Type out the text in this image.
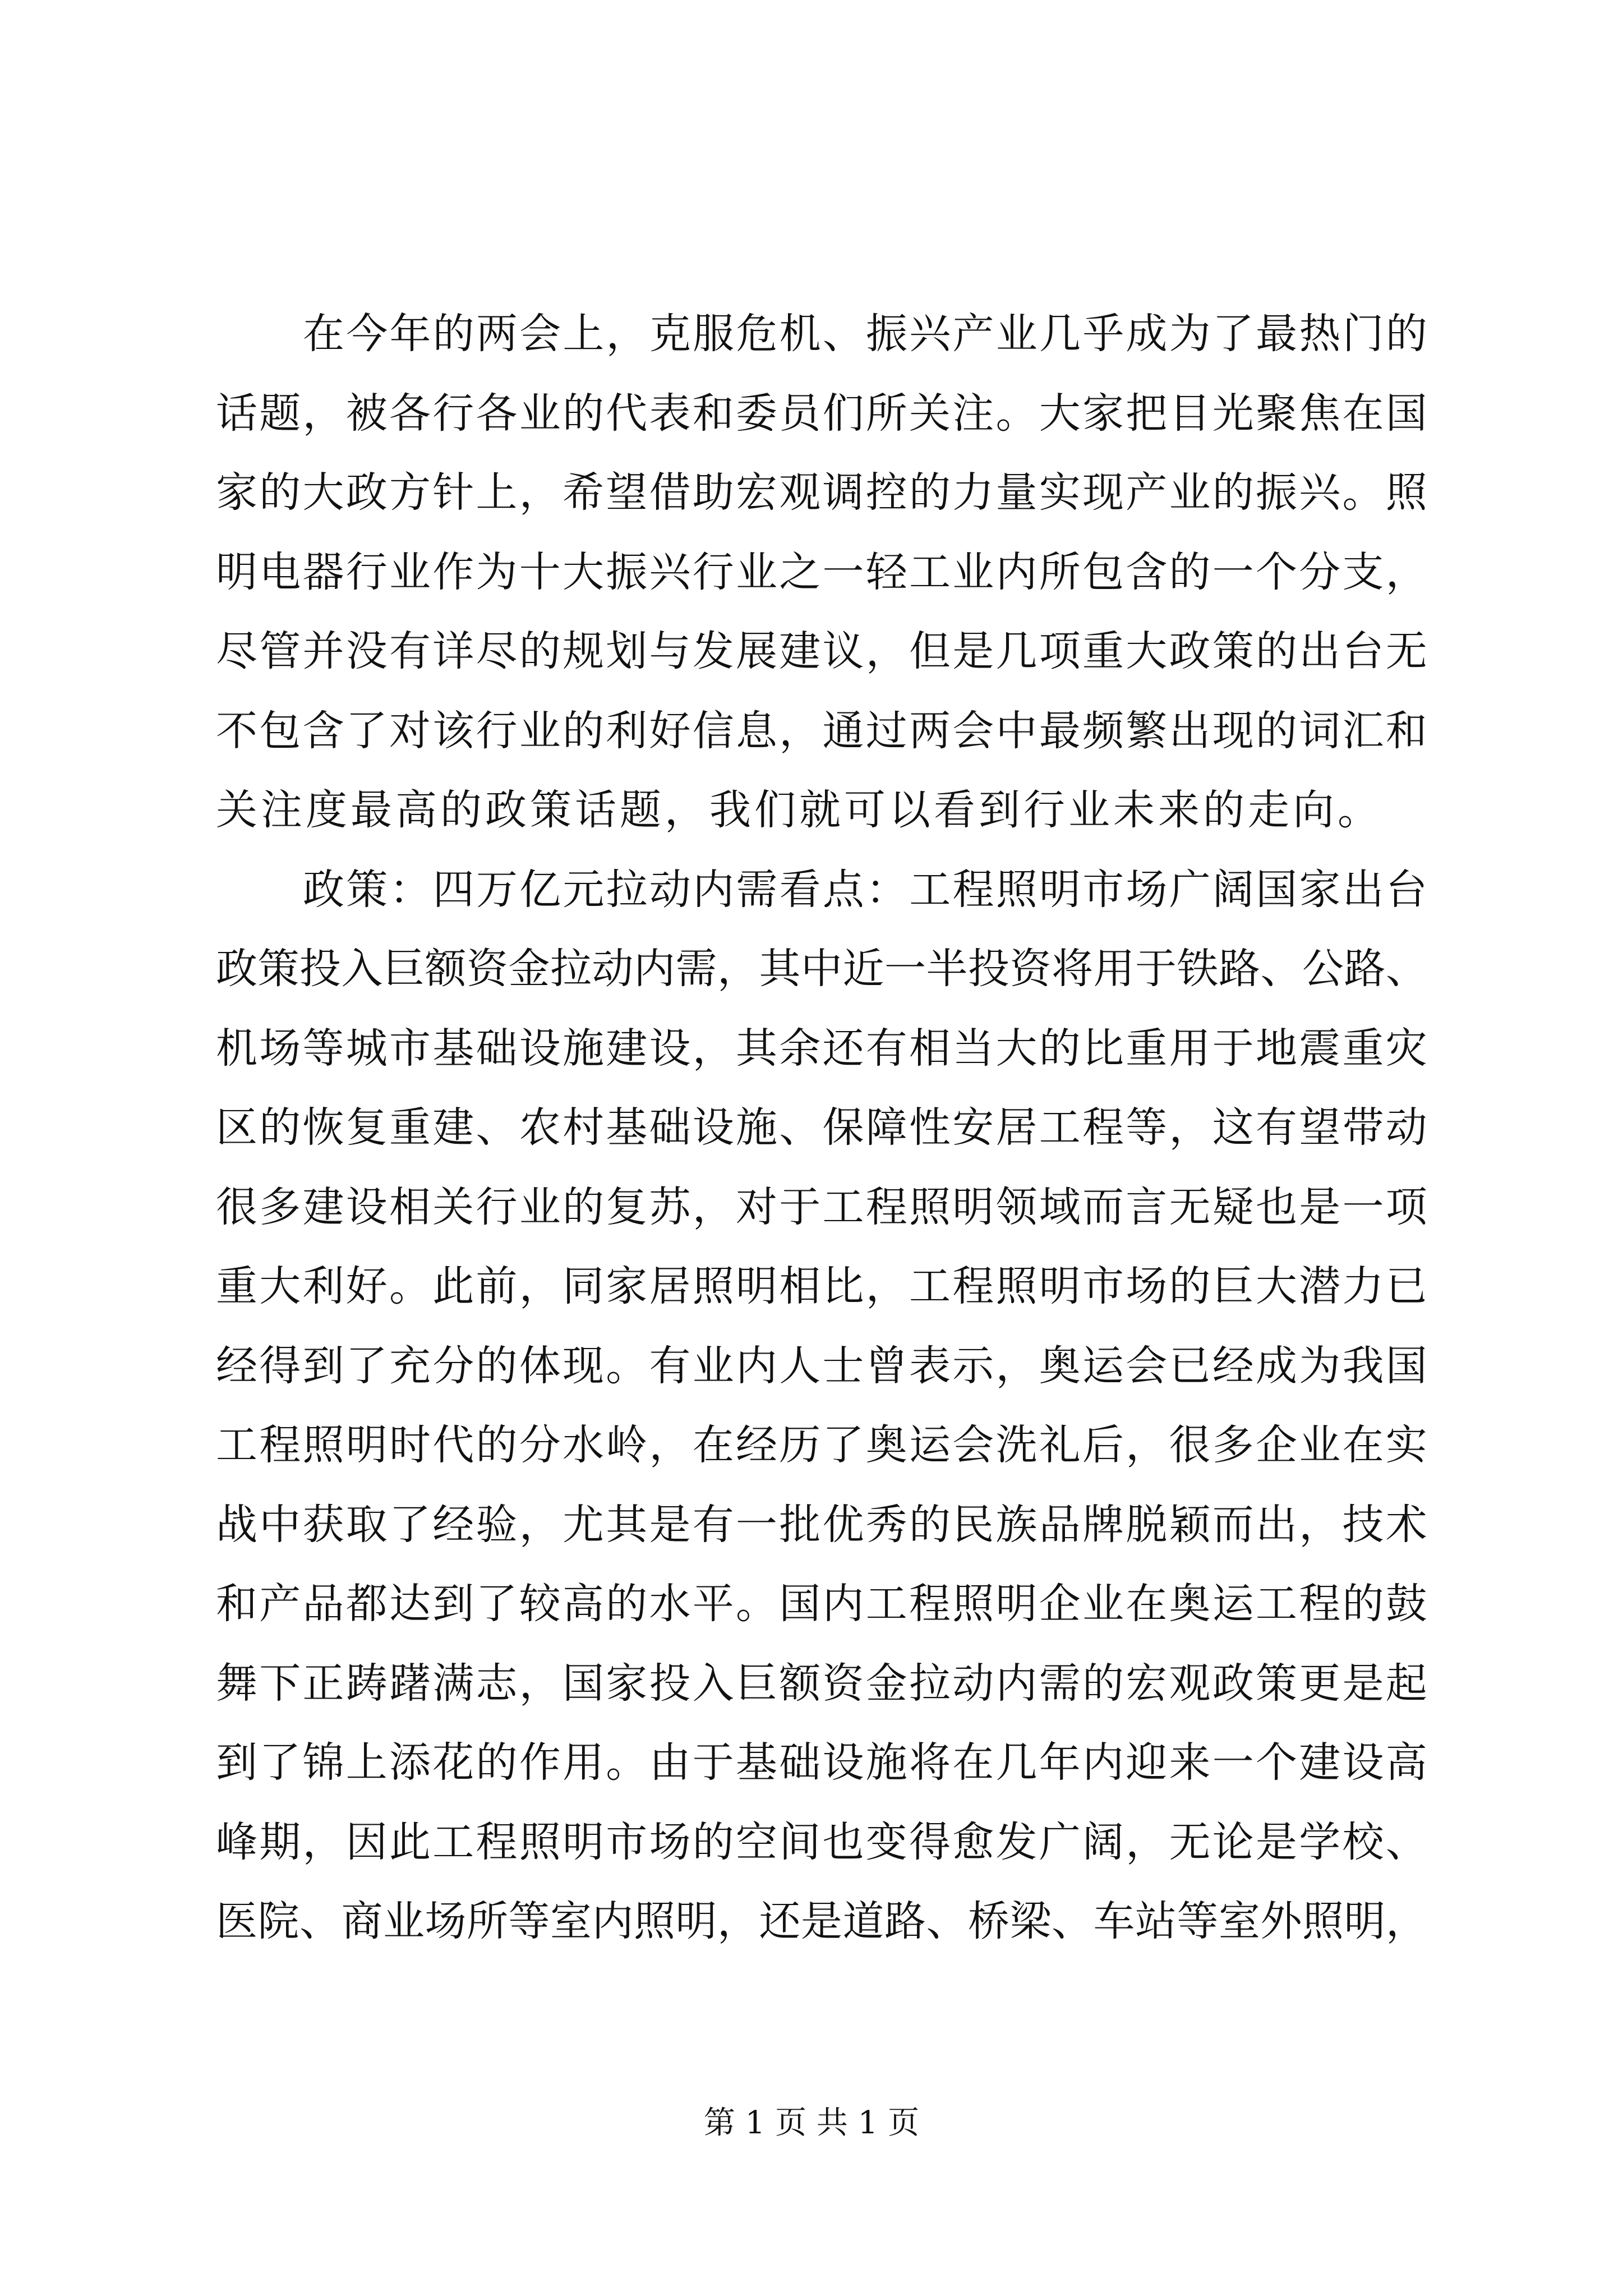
在 今 年 的 两 会 上 ， 克 服 危 机 、 振 兴 产 业 几 乎 成 为 了 最 热 门 的
话 题 ， 被 各 行 各 业 的 代 表 和 委 员 们 所 关 注 。 大 家 把 目 光 聚 焦 在 国
家 的 大 政 方 针 上 ， 希 望 借 助 宏 观 调 控 的 力 量 实 现 产 业 的 振 兴 。 照
明 电 器 行 业 作 为 十 大 振 兴 行 业 之 一 轻 工 业 内 所 包 含 的 一 个 分 支 ，
尽 管 并 没 有 详 尽 的 规 划 与 发 展 建 议 ， 但 是 几 项 重 大 政 策 的 出 台 无
不 包 含 了 对 该 行 业 的 利 好 信 息 ， 通 过 两 会 中 最 频 繁 出 现 的 词 汇 和
关注度最高的政策话题，我们就可以看到行业未来的走向。
政 策 ： 四 万 亿 元 拉 动 内 需 看 点 ： 工 程 照 明 市 场 广 阔 国 家 出 台
政 策 投 入 巨 额 资 金 拉 动 内 需 ， 其 中 近 一 半 投 资 将 用 于 铁 路 、 公 路 、
机 场 等 城 市 基 础 设 施 建 设 ， 其 余 还 有 相 当 大 的 比 重 用 于 地 震 重 灾
区 的 恢 复 重 建 、 农 村 基 础 设 施 、 保 障 性 安 居 工 程 等 ， 这 有 望 带 动
很 多 建 设 相 关 行 业 的 复 苏 ， 对 于 工 程 照 明 领 域 而 言 无 疑 也 是 一 项
重 大 利 好 。 此 前 ， 同 家 居 照 明 相 比 ， 工 程 照 明 市 场 的 巨 大 潜 力 已
经 得 到 了 充 分 的 体 现 。 有 业 内 人 士 曾 表 示 ， 奥 运 会 已 经 成 为 我 国
工 程 照 明 时 代 的 分 水 岭 ， 在 经 历 了 奥 运 会 洗 礼 后 ， 很 多 企 业 在 实
战 中 获 取 了 经 验 ， 尤 其 是 有 一 批 优 秀 的 民 族 品 牌 脱 颖 而 出 ， 技 术
和 产 品 都 达 到 了 较 高 的 水 平 。 国 内 工 程 照 明 企 业 在 奥 运 工 程 的 鼓
舞 下 正 踌 躇 满 志 ， 国 家 投 入 巨 额 资 金 拉 动 内 需 的 宏 观 政 策 更 是 起
到 了 锦 上 添 花 的 作 用 。 由 于 基 础 设 施 将 在 几 年 内 迎 来 一 个 建 设 高
峰 期 ， 因 此 工 程 照 明 市 场 的 空 间 也 变 得 愈 发 广 阔 ， 无 论 是 学 校 、
医 院 、 商 业 场 所 等 室 内 照 明 ， 还 是 道 路 、 桥 梁 、 车 站 等 室 外 照 明 ，
第 1 页 共 1 页
